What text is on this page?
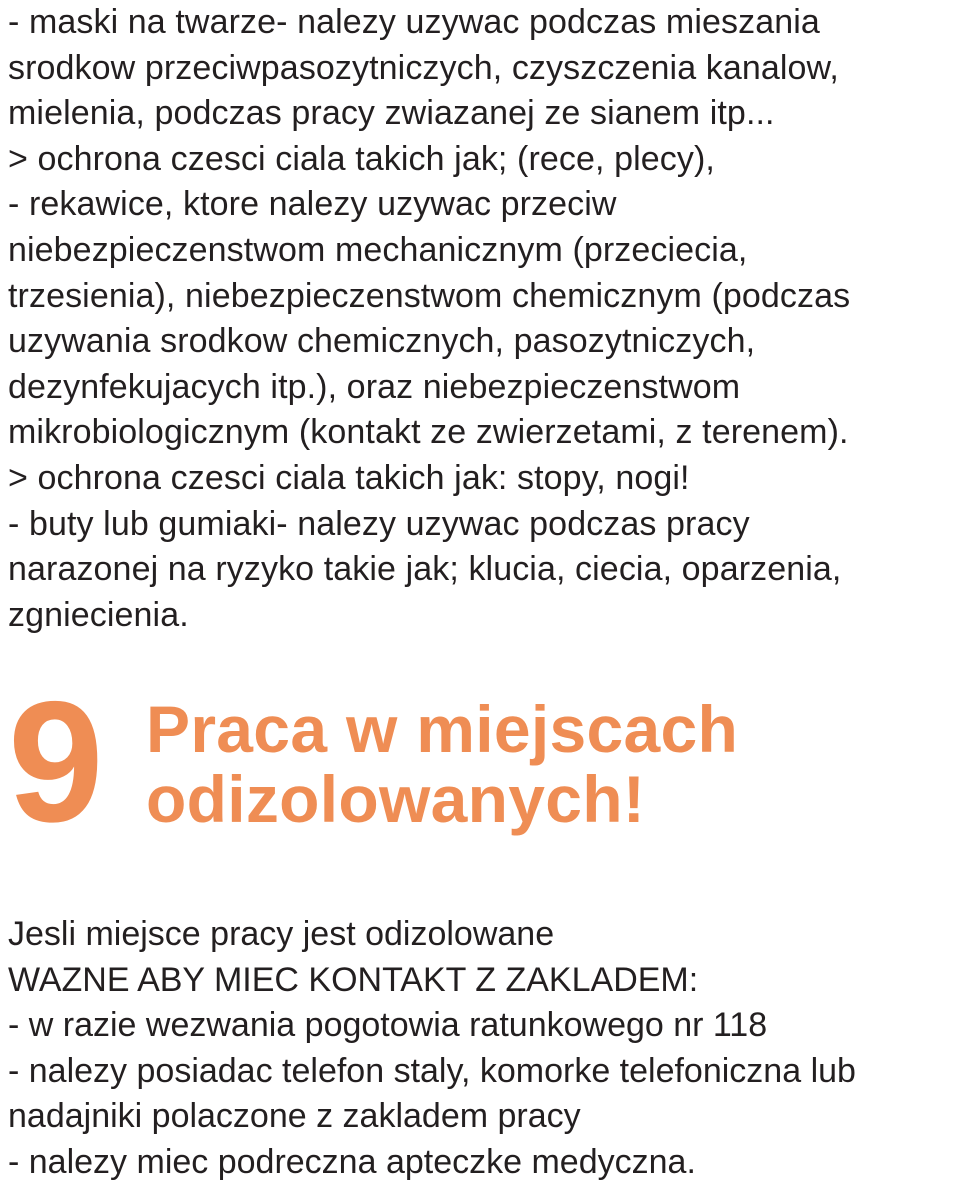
- maski na twarze- nalezy uzywac podczas mieszania
srodkow przeciwpasozytniczych, czyszczenia kanalow,
mielenia, podczas pracy zwiazanej ze sianem itp...
> ochrona czesci ciala takich jak; (rece, plecy),
- rekawice, ktore nalezy uzywac przeciw
niebezpieczenstwom mechanicznym (przeciecia,
trzesienia), niebezpieczenstwom chemicznym (podczas
uzywania srodkow chemicznych, pasozytniczych,
dezynfekujacych itp.), oraz niebezpieczenstwom
mikrobiologicznym (kontakt ze zwierzetami, z terenem).
> ochrona czesci ciala takich jak: stopy, nogi!
- buty lub gumiaki- nalezy uzywac podczas pracy
narazonej na ryzyko takie jak; klucia, ciecia, oparzenia,
zgniecienia.
9 Praca w miejscach
odizolowanych!
Jesli miejsce pracy jest odizolowane
WAZNE ABY MIEC KONTAKT Z ZAKLADEM:
- w razie wezwania pogotowia ratunkowego nr 118
- nalezy posiadac telefon staly, komorke telefoniczna lub
nadajniki polaczone z zakladem pracy
- nalezy miec podreczna apteczke medyczna.
